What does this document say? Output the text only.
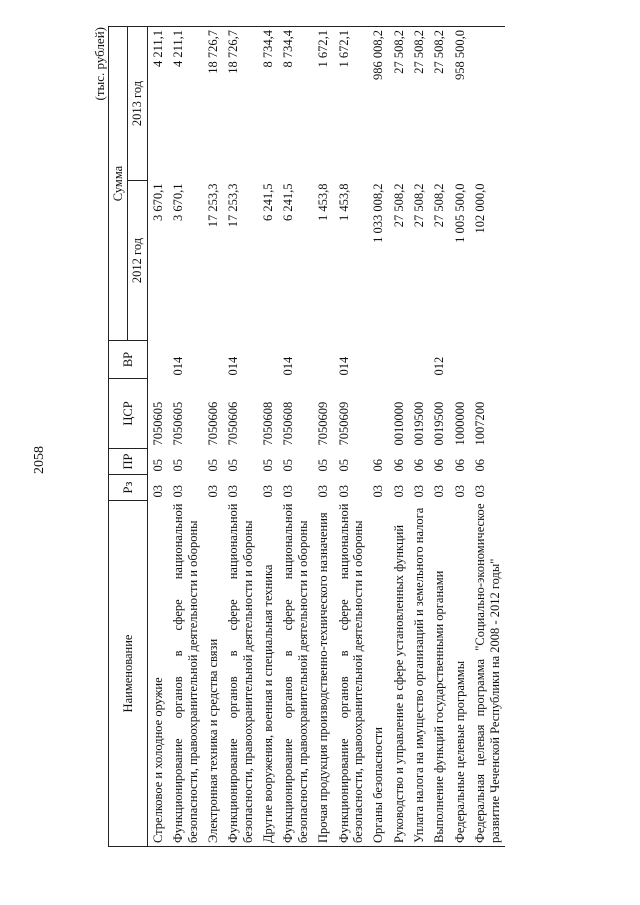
2058
(тыс. рублей)
Наименование	Рз	ПР	ЦСР	ВР	Сумма	
					2012 год	2013 год
Стрелковое и холодное оружие	03	05	7050605		3 670,1	4 211,1
Функционирование органов в сфере национальной безопасности, правоохранительной деятельности и обороны	03	05	7050605	014	3 670,1	4 211,1
Электронная техника и средства связи	03	05	7050606		17 253,3	18 726,7
Функционирование органов в сфере национальной безопасности, правоохранительной деятельности и обороны	03	05	7050606	014	17 253,3	18 726,7
Другие вооружения, военная и специальная техника	03	05	7050608		6 241,5	8 734,4
Функционирование органов в сфере национальной безопасности, правоохранительной деятельности и обороны	03	05	7050608	014	6 241,5	8 734,4
Прочая продукция производственно-технического назначения	03	05	7050609		1 453,8	1 672,1
Функционирование органов в сфере национальной безопасности, правоохранительной деятельности и обороны	03	05	7050609	014	1 453,8	1 672,1
Органы безопасности	03	06			1 033 008,2	986 008,2
Руководство и управление в сфере установленных функций	03	06	0010000		27 508,2	27 508,2
Уплата налога на имущество организаций и земельного налога	03	06	0019500		27 508,2	27 508,2
Выполнение функций государственными органами	03	06	0019500	012	27 508,2	27 508,2
Федеральные целевые программы	03	06	1000000		1 005 500,0	958 500,0
Федеральная целевая программа "Социально-экономическое развитие Чеченской Республики на 2008 - 2012 годы"	03	06	1007200		102 000,0	
